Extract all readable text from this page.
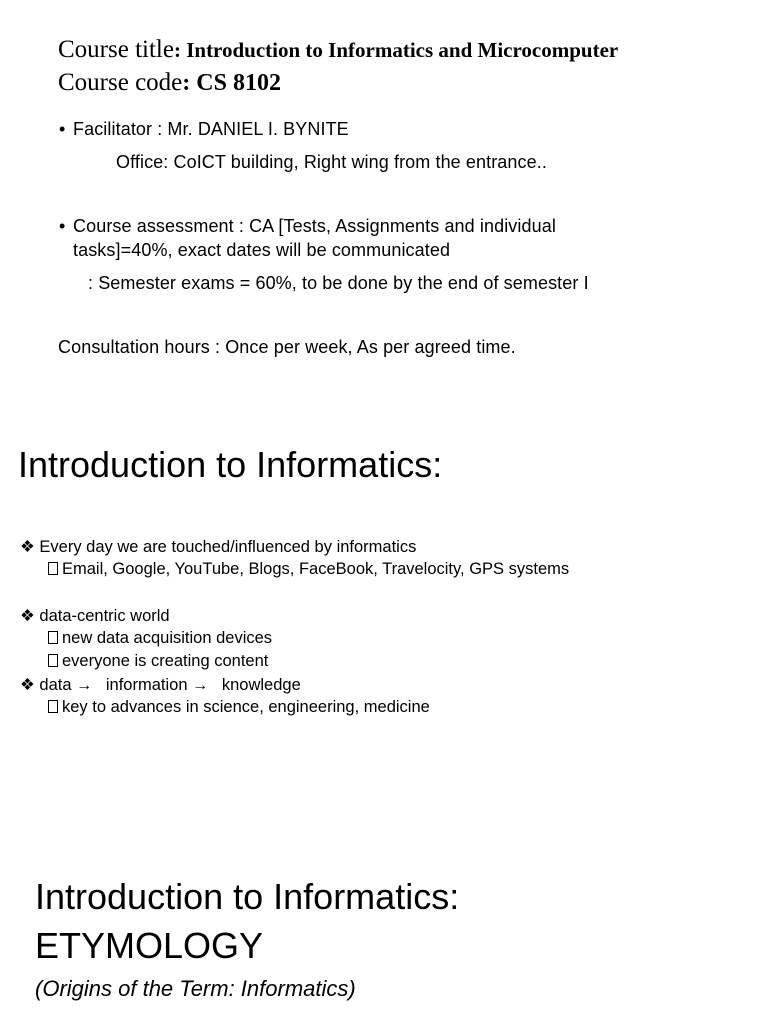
Course title: Introduction to Informatics and Microcomputer
Course code: CS 8102
• Facilitator : Mr. DANIEL I. BYNITE
Office: CoICT building, Right wing from the entrance..
• Course assessment : CA [Tests, Assignments and individual
tasks]=40%, exact dates will be communicated
: Semester exams = 60%, to be done by the end of semester I
Consultation hours : Once per week, As per agreed time.
Introduction to Informatics:
❖ Every day we are touched/influenced by informatics
Email, Google, YouTube, Blogs, FaceBook, Travelocity, GPS systems
❖ data-centric world
new data acquisition devices
everyone is creating content
❖ data → information → knowledge
key to advances in science, engineering, medicine
Introduction to Informatics:
ETYMOLOGY
(Origins of the Term: Informatics)
